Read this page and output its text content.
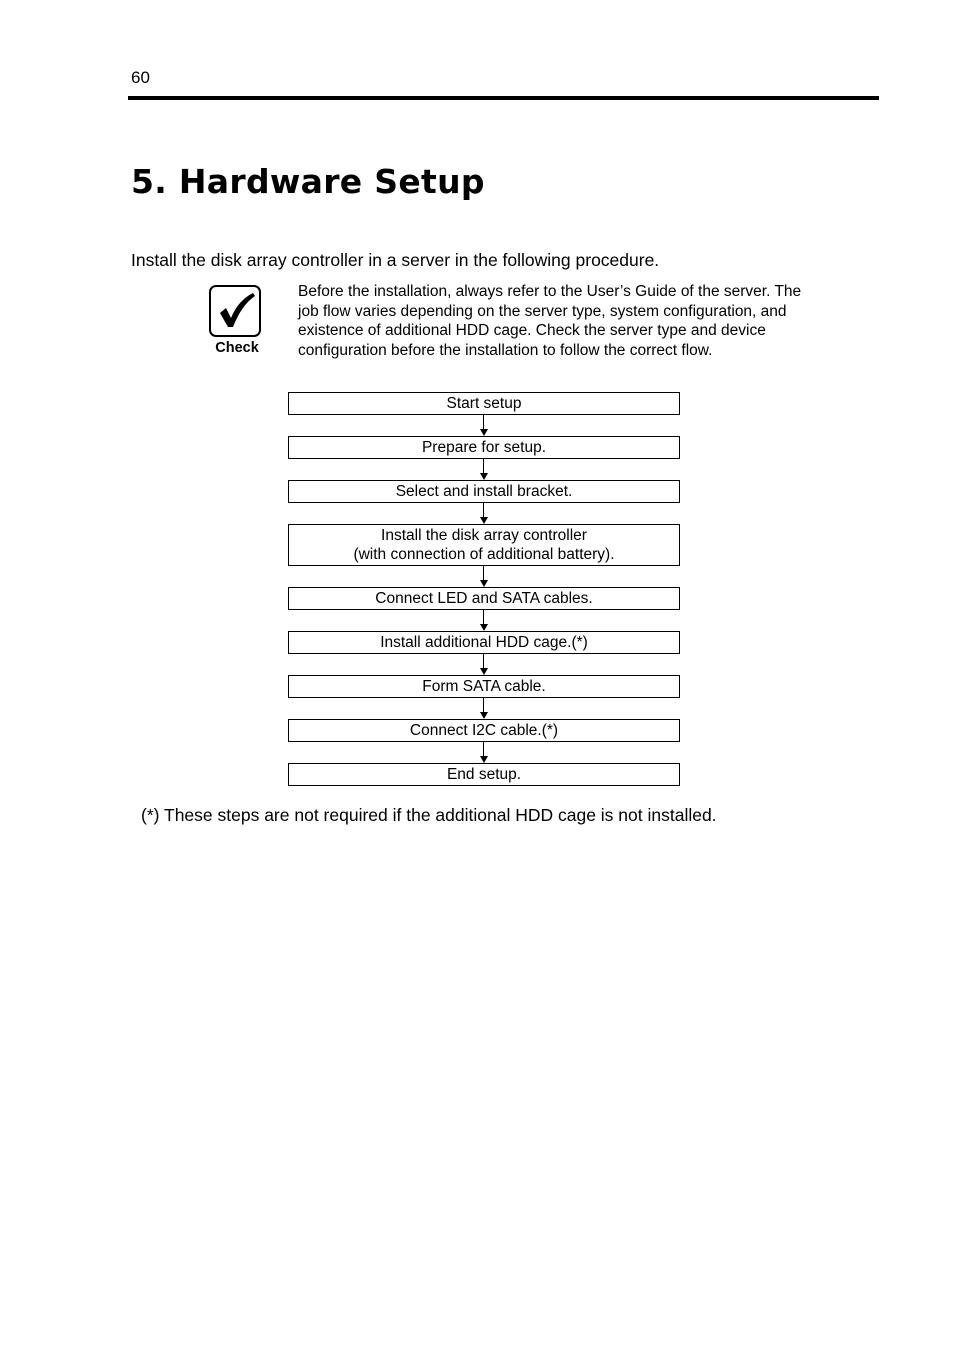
60
5. Hardware Setup

Install the disk array controller in a server in the following procedure.

Check

Before the installation, always refer to the User’s Guide of the server. The
job flow varies depending on the server type, system configuration, and
existence of additional HDD cage. Check the server type and device
configuration before the installation to follow the correct flow.

Start setup
Prepare for setup.
Select and install bracket.
Install the disk array controller
(with connection of additional battery).
Connect LED and SATA cables.
Install additional HDD cage.(*)
Form SATA cable.
Connect I2C cable.(*)
End setup.

(*) These steps are not required if the additional HDD cage is not installed.
